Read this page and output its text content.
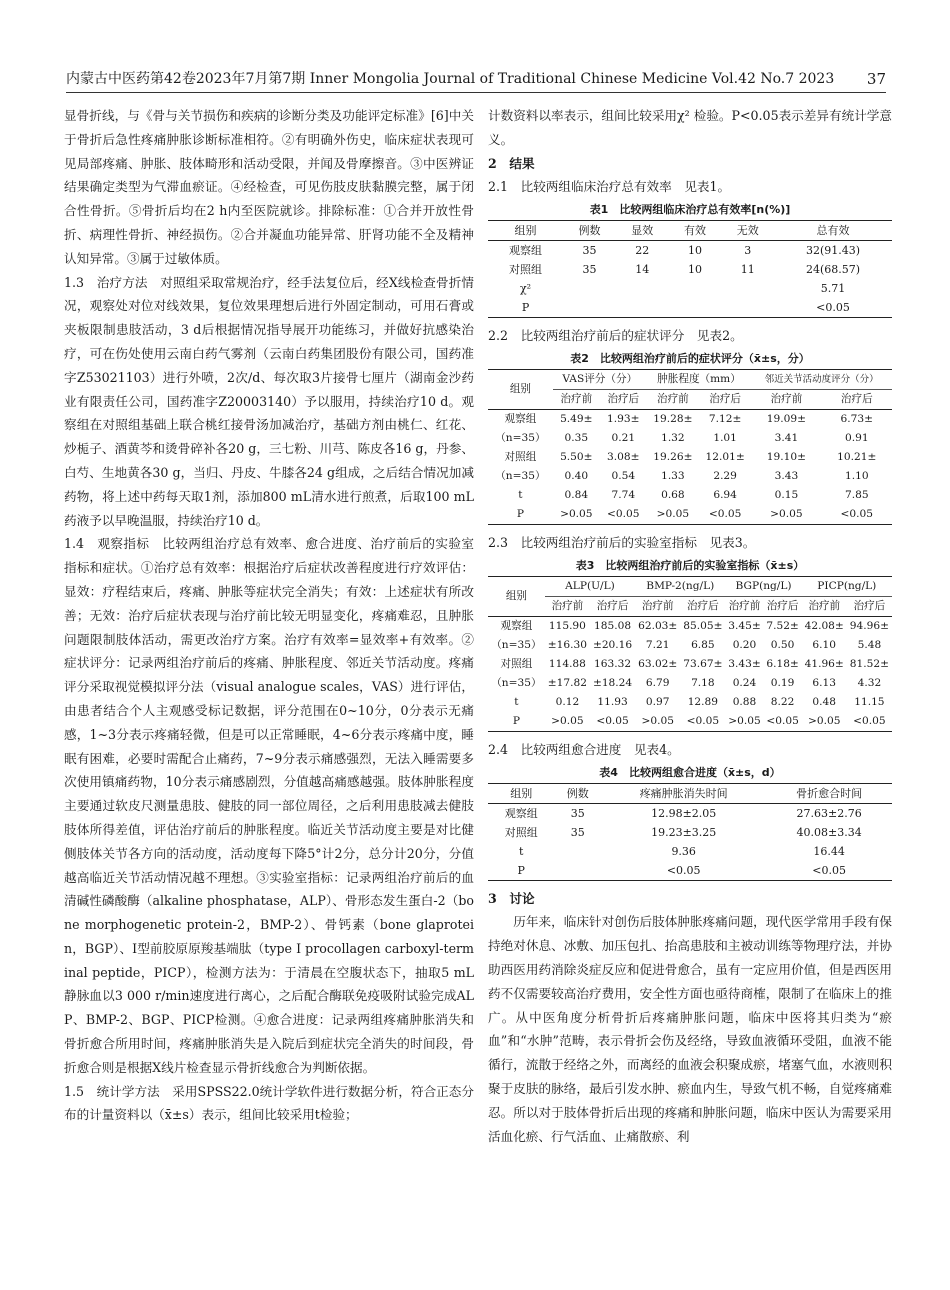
内蒙古中医药第42卷2023年7月第7期 Inner Mongolia Journal of Traditional Chinese Medicine Vol.42 No.7 2023 37

显骨折线，与《骨与关节损伤和疾病的诊断分类及功能评定标准》[6]中关于骨折后急性疼痛肿胀诊断标准相符。②有明确外伤史，临床症状表现可见局部疼痛、肿胀、肢体畸形和活动受限，并闻及骨摩擦音。③中医辨证结果确定类型为气滞血瘀证。④经检查，可见伤肢皮肤黏膜完整，属于闭合性骨折。⑤骨折后均在2 h内至医院就诊。排除标准：①合并开放性骨折、病理性骨折、神经损伤。②合并凝血功能异常、肝肾功能不全及精神认知异常。③属于过敏体质。

1.3　治疗方法　对照组采取常规治疗，经手法复位后，经X线检查骨折情况，观察处对位对线效果，复位效果理想后进行外固定制动，可用石膏或夹板限制患肢活动，3 d后根据情况指导展开功能练习，并做好抗感染治疗，可在伤处使用云南白药气雾剂（云南白药集团股份有限公司，国药准字Z53021103）进行外喷，2次/d、每次取3片接骨七厘片（湖南金沙药业有限责任公司，国药准字Z20003140）予以服用，持续治疗10 d。观察组在对照组基础上联合桃红接骨汤加减治疗，基础方剂由桃仁、红花、炒栀子、酒黄芩和烫骨碎补各20 g，三七粉、川芎、陈皮各16 g，丹参、白芍、生地黄各30 g，当归、丹皮、牛膝各24 g组成，之后结合情况加减药物，将上述中药每天取1剂，添加800 mL清水进行煎煮，后取100 mL药液予以早晚温服，持续治疗10 d。

1.4　观察指标　比较两组治疗总有效率、愈合进度、治疗前后的实验室指标和症状。①治疗总有效率：根据治疗后症状改善程度进行疗效评估：显效：疗程结束后，疼痛、肿胀等症状完全消失；有效：上述症状有所改善；无效：治疗后症状表现与治疗前比较无明显变化，疼痛难忍，且肿胀问题限制肢体活动，需更改治疗方案。治疗有效率=显效率+有效率。②症状评分：记录两组治疗前后的疼痛、肿胀程度、邻近关节活动度。疼痛评分采取视觉模拟评分法（visual analogue scales，VAS）进行评估，由患者结合个人主观感受标记数据，评分范围在0~10分，0分表示无痛感，1~3分表示疼痛轻微，但是可以正常睡眠，4~6分表示疼痛中度，睡眠有困难，必要时需配合止痛药，7~9分表示痛感强烈，无法入睡需要多次使用镇痛药物，10分表示痛感剧烈，分值越高痛感越强。肢体肿胀程度主要通过软皮尺测量患肢、健肢的同一部位周径，之后利用患肢减去健肢肢体所得差值，评估治疗前后的肿胀程度。临近关节活动度主要是对比健侧肢体关节各方向的活动度，活动度每下降5°计2分，总分计20分，分值越高临近关节活动情况越不理想。③实验室指标：记录两组治疗前后的血清碱性磷酸酶（alkaline phosphatase，ALP）、骨形态发生蛋白-2（bone morphogenetic protein-2，BMP-2）、骨钙素（bone glaprotein，BGP）、I型前胶原原羧基端肽（type I procollagen carboxyl-terminal peptide，PICP），检测方法为：于清晨在空腹状态下，抽取5 mL静脉血以3 000 r/min速度进行离心，之后配合酶联免疫吸附试验完成ALP、BMP-2、BGP、PICP检测。④愈合进度：记录两组疼痛肿胀消失和骨折愈合所用时间，疼痛肿胀消失是入院后到症状完全消失的时间段，骨折愈合则是根据X线片检查显示骨折线愈合为判断依据。

1.5　统计学方法　采用SPSS22.0统计学软件进行数据分析，符合正态分布的计量资料以（x̄±s）表示，组间比较采用t检验；

计数资料以率表示，组间比较采用χ² 检验。P<0.05表示差异有统计学意义。

2　结果

2.1　比较两组临床治疗总有效率　见表1。

表1　比较两组临床治疗总有效率[n(%)]
组别	例数	显效	有效	无效	总有效
观察组	35	22	10	3	32(91.43)
对照组	35	14	10	11	24(68.57)
χ²					5.71
P					<0.05

2.2　比较两组治疗前后的症状评分　见表2。

表2　比较两组治疗前后的症状评分（x̄±s，分）
组别	VAS评分（分）		肿胀程度（mm）		邻近关节活动度评分（分）	
	治疗前	治疗后	治疗前	治疗后	治疗前	治疗后
观察组	5.49±	1.93±	19.28±	7.12±	19.09±	6.73±
（n=35）	0.35	0.21	1.32	1.01	3.41	0.91
对照组	5.50±	3.08±	19.26±	12.01±	19.10±	10.21±
（n=35）	0.40	0.54	1.33	2.29	3.43	1.10
t	0.84	7.74	0.68	6.94	0.15	7.85
P	>0.05	<0.05	>0.05	<0.05	>0.05	<0.05

2.3　比较两组治疗前后的实验室指标　见表3。

表3　比较两组治疗前后的实验室指标（x̄±s）
组别	ALP(U/L)		BMP-2(ng/L)		BGP(ng/L)		PICP(ng/L)	
	治疗前	治疗后	治疗前	治疗后	治疗前	治疗后	治疗前	治疗后
观察组	115.90	185.08	62.03±	85.05±	3.45±	7.52±	42.08±	94.96±
（n=35）	±16.30	±20.16	7.21	6.85	0.20	0.50	6.10	5.48
对照组	114.88	163.32	63.02±	73.67±	3.43±	6.18±	41.96±	81.52±
（n=35）	±17.82	±18.24	6.79	7.18	0.24	0.19	6.13	4.32
t	0.12	11.93	0.97	12.89	0.88	8.22	0.48	11.15
P	>0.05	<0.05	>0.05	<0.05	>0.05	<0.05	>0.05	<0.05

2.4　比较两组愈合进度　见表4。

表4　比较两组愈合进度（x̄±s，d）
组别	例数	疼痛肿胀消失时间	骨折愈合时间
观察组	35	12.98±2.05	27.63±2.76
对照组	35	19.23±3.25	40.08±3.34
t		9.36	16.44
P		<0.05	<0.05

3　讨论

历年来，临床针对创伤后肢体肿胀疼痛问题，现代医学常用手段有保持绝对休息、冰敷、加压包扎、抬高患肢和主被动训练等物理疗法，并协助西医用药消除炎症反应和促进骨愈合，虽有一定应用价值，但是西医用药不仅需要较高治疗费用，安全性方面也亟待商榷，限制了在临床上的推广。从中医角度分析骨折后疼痛肿胀问题，临床中医将其归类为“瘀血”和“水肿”范畴，表示骨折会伤及经络，导致血液循环受阻，血液不能循行，流散于经络之外，而离经的血液会积聚成瘀，堵塞气血，水液则积聚于皮肤的脉络，最后引发水肿、瘀血内生，导致气机不畅，自觉疼痛难忍。所以对于肢体骨折后出现的疼痛和肿胀问题，临床中医认为需要采用活血化瘀、行气活血、止痛散瘀、利
